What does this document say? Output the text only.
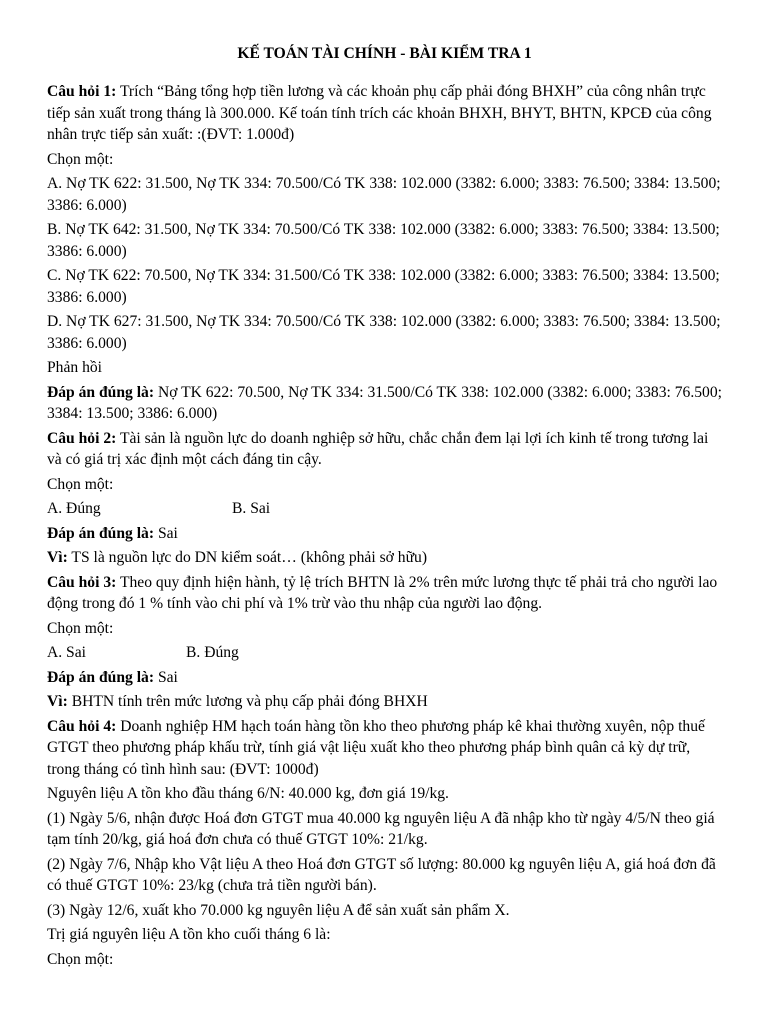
KẾ TOÁN TÀI CHÍNH - BÀI KIỂM TRA 1

Câu hỏi 1: Trích “Bảng tổng hợp tiền lương và các khoản phụ cấp phải đóng BHXH” của công nhân trực tiếp sản xuất trong tháng là 300.000. Kế toán tính trích các khoản BHXH, BHYT, BHTN, KPCĐ của công nhân trực tiếp sản xuất: :(ĐVT: 1.000đ)

Chọn một:

A. Nợ TK 622: 31.500, Nợ TK 334: 70.500/Có TK 338: 102.000 (3382: 6.000; 3383: 76.500; 3384: 13.500; 3386: 6.000)

B. Nợ TK 642: 31.500, Nợ TK 334: 70.500/Có TK 338: 102.000 (3382: 6.000; 3383: 76.500; 3384: 13.500; 3386: 6.000)

C. Nợ TK 622: 70.500, Nợ TK 334: 31.500/Có TK 338: 102.000 (3382: 6.000; 3383: 76.500; 3384: 13.500; 3386: 6.000)

D. Nợ TK 627: 31.500, Nợ TK 334: 70.500/Có TK 338: 102.000 (3382: 6.000; 3383: 76.500; 3384: 13.500; 3386: 6.000)

Phản hồi

Đáp án đúng là: Nợ TK 622: 70.500, Nợ TK 334: 31.500/Có TK 338: 102.000 (3382: 6.000; 3383: 76.500; 3384: 13.500; 3386: 6.000)

Câu hỏi 2: Tài sản là nguồn lực do doanh nghiệp sở hữu, chắc chắn đem lại lợi ích kinh tế trong tương lai và có giá trị xác định một cách đáng tin cậy.

Chọn một:

A. Đúng	B. Sai

Đáp án đúng là: Sai

Vì: TS là nguồn lực do DN kiểm soát… (không phải sở hữu)

Câu hỏi 3: Theo quy định hiện hành, tỷ lệ trích BHTN là 2% trên mức lương thực tế phải trả cho người lao động trong đó 1 % tính vào chi phí và 1% trừ vào thu nhập của người lao động.

Chọn một:

A. Sai	B. Đúng

Đáp án đúng là: Sai

Vì: BHTN tính trên mức lương và phụ cấp phải đóng BHXH

Câu hỏi 4: Doanh nghiệp HM hạch toán hàng tồn kho theo phương pháp kê khai thường xuyên, nộp thuế GTGT theo phương pháp khấu trừ, tính giá vật liệu xuất kho theo phương pháp bình quân cả kỳ dự trữ, trong tháng có tình hình sau: (ĐVT: 1000đ)

Nguyên liệu A tồn kho đầu tháng 6/N: 40.000 kg, đơn giá 19/kg.

(1) Ngày 5/6, nhận được Hoá đơn GTGT mua 40.000 kg nguyên liệu A đã nhập kho từ ngày 4/5/N theo giá tạm tính 20/kg, giá hoá đơn chưa có thuế GTGT 10%: 21/kg.

(2) Ngày 7/6, Nhập kho Vật liệu A theo Hoá đơn GTGT số lượng: 80.000 kg nguyên liệu A, giá hoá đơn đã có thuế GTGT 10%: 23/kg (chưa trả tiền người bán).

(3) Ngày 12/6, xuất kho 70.000 kg nguyên liệu A để sản xuất sản phẩm X.

Trị giá nguyên liệu A tồn kho cuối tháng 6 là:

Chọn một:
